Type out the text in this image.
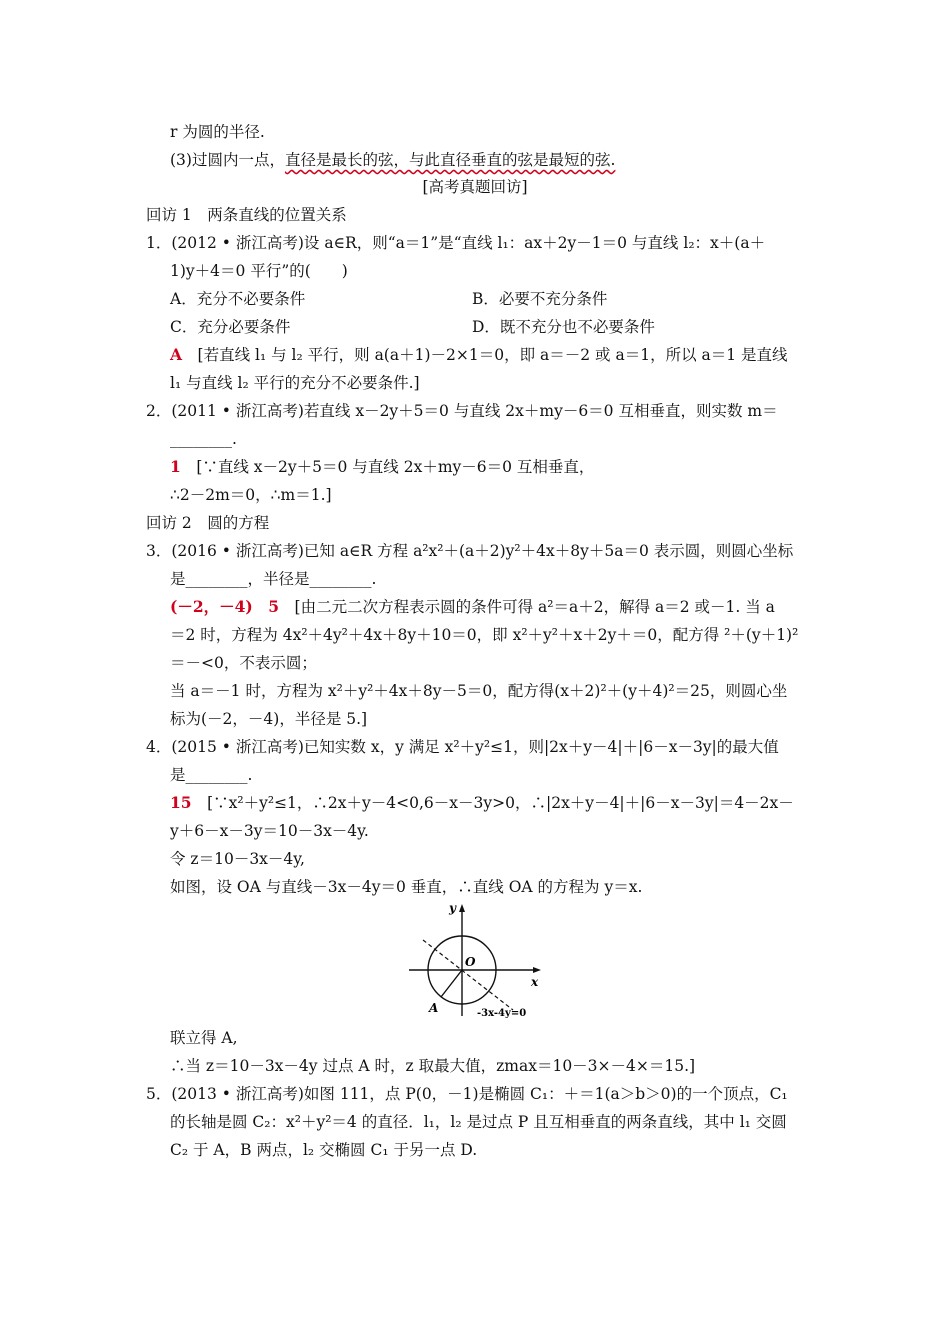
r 为圆的半径.
(3)过圆内一点，直径是最长的弦，与此直径垂直的弦是最短的弦.
[高考真题回访]
回访 1　两条直线的位置关系
1．(2012 • 浙江高考)设 a∈R，则“a＝1”是“直线 l₁：ax＋2y－1＝0 与直线 l₂：x＋(a＋
1)y＋4＝0 平行”的(　　)
A．充分不必要条件	B．必要不充分条件
C．充分必要条件	D．既不充分也不必要条件
A　 [若直线 l₁ 与 l₂ 平行，则 a(a＋1)－2×1＝0，即 a＝－2 或 a＝1，所以 a＝1 是直线
l₁ 与直线 l₂ 平行的充分不必要条件.]
2．(2011 • 浙江高考)若直线 x－2y＋5＝0 与直线 2x＋my－6＝0 互相垂直，则实数 m＝
________.
1　 [∵直线 x－2y＋5＝0 与直线 2x＋my－6＝0 互相垂直，
∴2－2m＝0，∴m＝1.]
回访 2　圆的方程
3．(2016 • 浙江高考)已知 a∈R 方程 a²x²＋(a＋2)y²＋4x＋8y＋5a＝0 表示圆，则圆心坐标
是________，半径是________.
(－2，－4)　5　 [由二元二次方程表示圆的条件可得 a²＝a＋2，解得 a＝2 或－1. 当 a
＝2 时，方程为 4x²＋4y²＋4x＋8y＋10＝0，即 x²＋y²＋x＋2y＋＝0，配方得 ²＋(y＋1)²
＝－<0，不表示圆；
当 a＝－1 时，方程为 x²＋y²＋4x＋8y－5＝0，配方得(x＋2)²＋(y＋4)²＝25，则圆心坐
标为(－2，－4)，半径是 5.]
4．(2015 • 浙江高考)已知实数 x，y 满足 x²＋y²≤1，则|2x＋y－4|＋|6－x－3y|的最大值
是________.
15　 [∵x²＋y²≤1，∴2x＋y－4<0,6－x－3y>0，∴|2x＋y－4|＋|6－x－3y|＝4－2x－
y＋6－x－3y＝10－3x－4y.
令 z＝10－3x－4y,
如图，设 OA 与直线－3x－4y＝0 垂直，∴直线 OA 的方程为 y＝x.
y
x
O
A	-3x-4y=0
联立得 A,
∴当 z＝10－3x－4y 过点 A 时，z 取最大值，zmax＝10－3×－4×＝15.]
5．(2013 • 浙江高考)如图 111，点 P(0，－1)是椭圆 C₁：＋＝1(a＞b＞0)的一个顶点，C₁
的长轴是圆 C₂：x²＋y²＝4 的直径．l₁，l₂ 是过点 P 且互相垂直的两条直线，其中 l₁ 交圆
C₂ 于 A，B 两点，l₂ 交椭圆 C₁ 于另一点 D.
